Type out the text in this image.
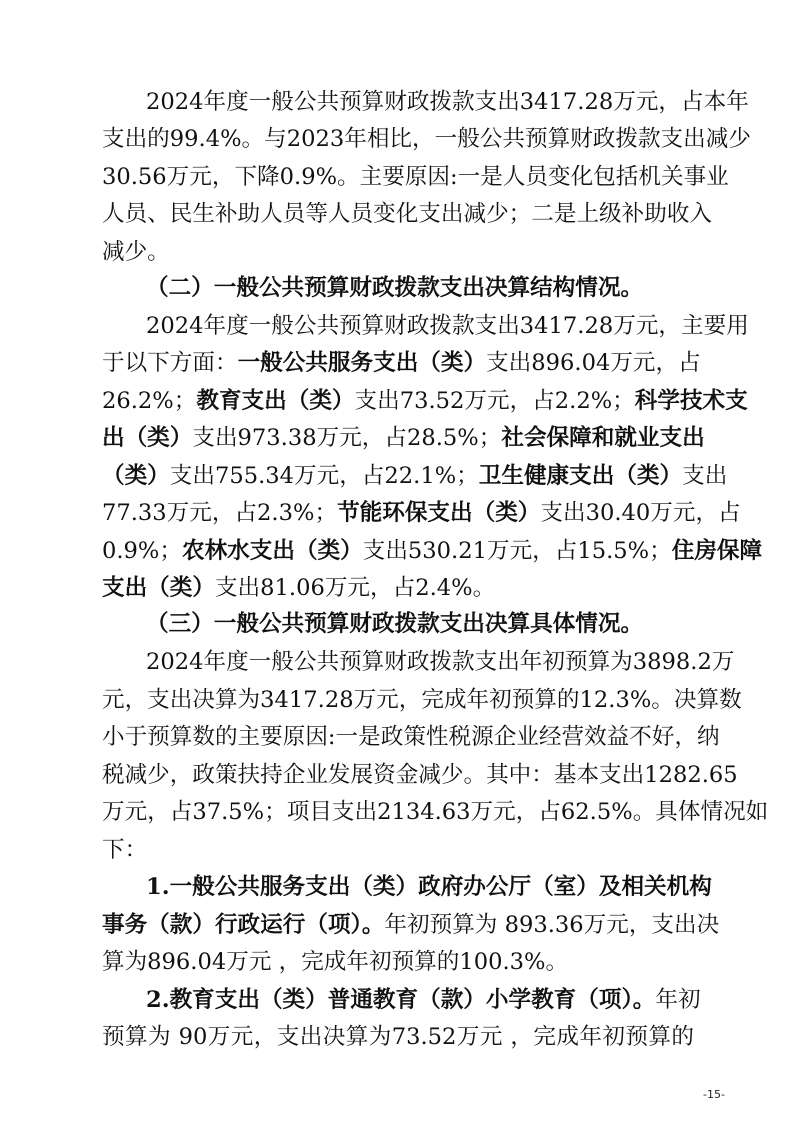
2024年度一般公共预算财政拨款支出3417.28万元，占本年
支出的99.4%。与2023年相比，一般公共预算财政拨款支出减少
30.56万元，下降0.9%。主要原因:一是人员变化包括机关事业
人员、民生补助人员等人员变化支出减少；二是上级补助收入
减少。
（二）一般公共预算财政拨款支出决算结构情况。
2024年度一般公共预算财政拨款支出3417.28万元，主要用
于以下方面：一般公共服务支出（类）支出896.04万元，占
26.2%；教育支出（类）支出73.52万元，占2.2%；科学技术支
出（类）支出973.38万元，占28.5%；社会保障和就业支出
（类）支出755.34万元，占22.1%；卫生健康支出（类）支出
77.33万元，占2.3%；节能环保支出（类）支出30.40万元，占
0.9%；农林水支出（类）支出530.21万元，占15.5%；住房保障
支出（类）支出81.06万元，占2.4%。
（三）一般公共预算财政拨款支出决算具体情况。
2024年度一般公共预算财政拨款支出年初预算为3898.2万
元，支出决算为3417.28万元，完成年初预算的12.3%。决算数
小于预算数的主要原因:一是政策性税源企业经营效益不好，纳
税减少，政策扶持企业发展资金减少。其中：基本支出1282.65
万元，占37.5%；项目支出2134.63万元，占62.5%。具体情况如
下：
1.一般公共服务支出（类）政府办公厅（室）及相关机构
事务（款）行政运行（项）。年初预算为 893.36万元，支出决
算为896.04万元 ，完成年初预算的100.3%。
2.教育支出（类）普通教育（款）小学教育（项）。年初
预算为 90万元，支出决算为73.52万元 ，完成年初预算的
-15-
